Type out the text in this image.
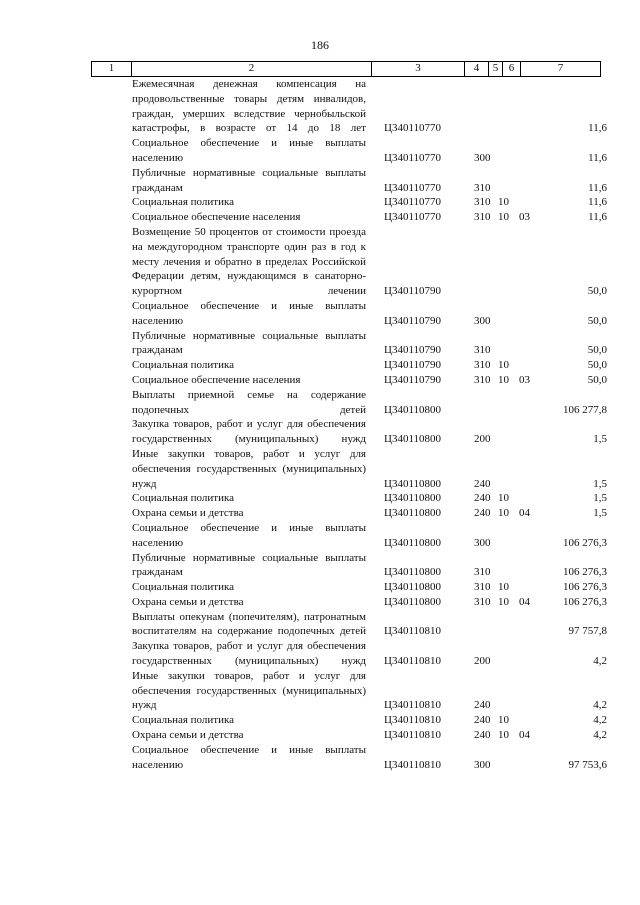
186
1	2	3	4	5 6	7
Ежемесячная денежная компенсация на продовольственные товары детям инвалидов, граждан, умерших вследствие чернобыльской катастрофы, в возрасте от 14 до 18 лет Ц340110770	11,6
Социальное обеспечение и иные выплаты населению	Ц340110770	300	11,6
Публичные нормативные социальные выплаты гражданам	Ц340110770	310	11,6
Социальная политика	Ц340110770	310 10	11,6
Социальное обеспечение населения	Ц340110770	310 10 03	11,6
Возмещение 50 процентов от стоимости проезда на междугородном транспорте один раз в год к месту лечения и обратно в пределах Российской Федерации детям, нуждающимся в санаторно-курортном лечении Ц340110790	50,0
Социальное обеспечение и иные выплаты населению	Ц340110790	300	50,0
Публичные нормативные социальные выплаты гражданам	Ц340110790	310	50,0
Социальная политика	Ц340110790	310 10	50,0
Социальное обеспечение населения	Ц340110790	310 10 03	50,0
Выплаты приемной семье на содержание подопечных детей Ц340110800	106 277,8
Закупка товаров, работ и услуг для обеспечения государственных (муниципальных) нужд Ц340110800	200	1,5
Иные закупки товаров, работ и услуг для обеспечения государственных (муниципальных) нужд	Ц340110800	240	1,5
Социальная политика	Ц340110800	240 10	1,5
Охрана семьи и детства	Ц340110800	240 10 04	1,5
Социальное обеспечение и иные выплаты населению	Ц340110800	300	106 276,3
Публичные нормативные социальные выплаты гражданам	Ц340110800	310	106 276,3
Социальная политика	Ц340110800	310 10	106 276,3
Охрана семьи и детства	Ц340110800	310 10 04	106 276,3
Выплаты опекунам (попечителям), патронатным воспитателям на содержание подопечных детей Ц340110810	97 757,8
Закупка товаров, работ и услуг для обеспечения государственных (муниципальных) нужд Ц340110810	200	4,2
Иные закупки товаров, работ и услуг для обеспечения государственных (муниципальных) нужд	Ц340110810	240	4,2
Социальная политика	Ц340110810	240 10	4,2
Охрана семьи и детства	Ц340110810	240 10 04	4,2
Социальное обеспечение и иные выплаты населению	Ц340110810	300	97 753,6
